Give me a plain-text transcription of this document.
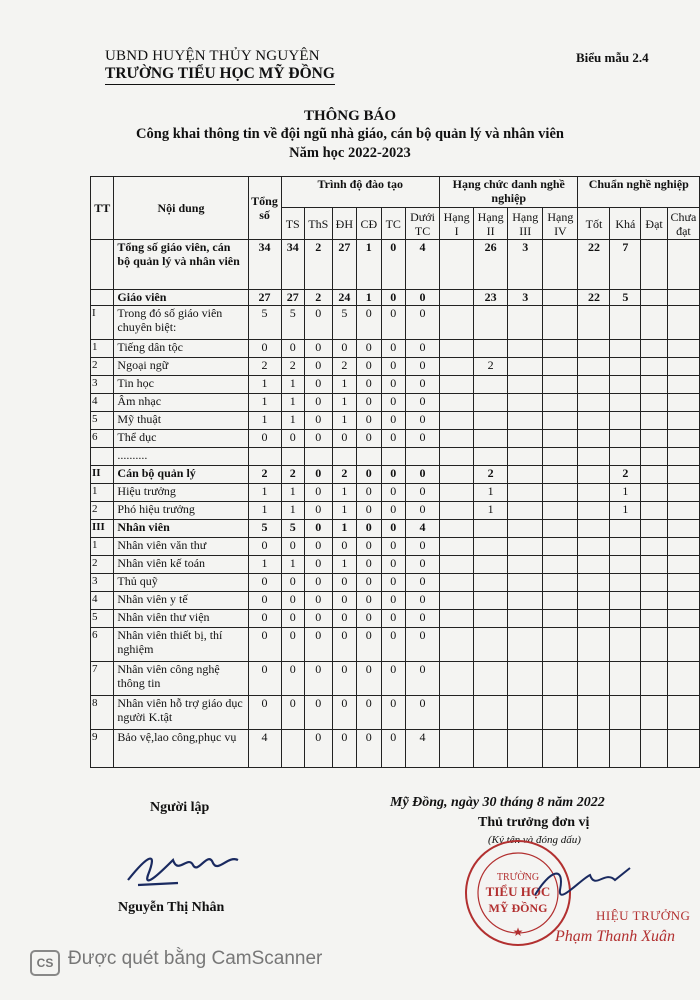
UBND HUYỆN THỦY NGUYÊN
TRƯỜNG TIỂU HỌC MỸ ĐỒNG
Biểu mẫu 2.4
THÔNG BÁO
Công khai thông tin về đội ngũ nhà giáo, cán bộ quản lý và nhân viên
Năm học 2022-2023
TT	Nội dung	Tổng số	Trình độ đào tạo						Hạng chức danh nghề nghiệp				Chuẩn nghề nghiệp			
			TS	ThS	ĐH	CĐ	TC	Dưới TC	Hạng I	Hạng II	Hạng III	Hạng IV	Tốt	Khá	Đạt	Chưa đạt
	Tổng số giáo viên, cán bộ quản lý và nhân viên	34	34	2	27	1	0	4		26	3		22	7		
	Giáo viên	27	27	2	24	1	0	0		23	3		22	5		
I	Trong đó số giáo viên chuyên biệt:	5	5	0	5	0	0	0								
1	Tiếng dân tộc	0	0	0	0	0	0	0								
2	Ngoại ngữ	2	2	0	2	0	0	0		2						
3	Tin học	1	1	0	1	0	0	0								
4	Âm nhạc	1	1	0	1	0	0	0								
5	Mỹ thuật	1	1	0	1	0	0	0								
6	Thể dục	0	0	0	0	0	0	0								
	..........															
II	Cán bộ quản lý	2	2	0	2	0	0	0		2				2		
1	Hiệu trưởng	1	1	0	1	0	0	0		1				1		
2	Phó hiệu trưởng	1	1	0	1	0	0	0		1				1		
III	Nhân viên	5	5	0	1	0	0	4								
1	Nhân viên văn thư	0	0	0	0	0	0	0								
2	Nhân viên kế toán	1	1	0	1	0	0	0								
3	Thủ quỹ	0	0	0	0	0	0	0								
4	Nhân viên y tế	0	0	0	0	0	0	0								
5	Nhân viên thư viện	0	0	0	0	0	0	0								
6	Nhân viên thiết bị, thí nghiệm	0	0	0	0	0	0	0								
7	Nhân viên công nghệ thông tin	0	0	0	0	0	0	0								
8	Nhân viên hỗ trợ giáo dục người K.tật	0	0	0	0	0	0	0								
9	Bảo vệ,lao công,phục vụ	4		0	0	0	0	4								
Người lập	Mỹ Đồng, ngày 30 tháng 8 năm 2022
Thủ trưởng đơn vị
(Ký tên và đóng dấu)
TRƯỜNG
TIỂU HỌC
MỸ ĐỒNG
★
Nguyễn Thị Nhân
HIỆU TRƯỞNG
Phạm Thanh Xuân
CS Được quét bằng CamScanner
